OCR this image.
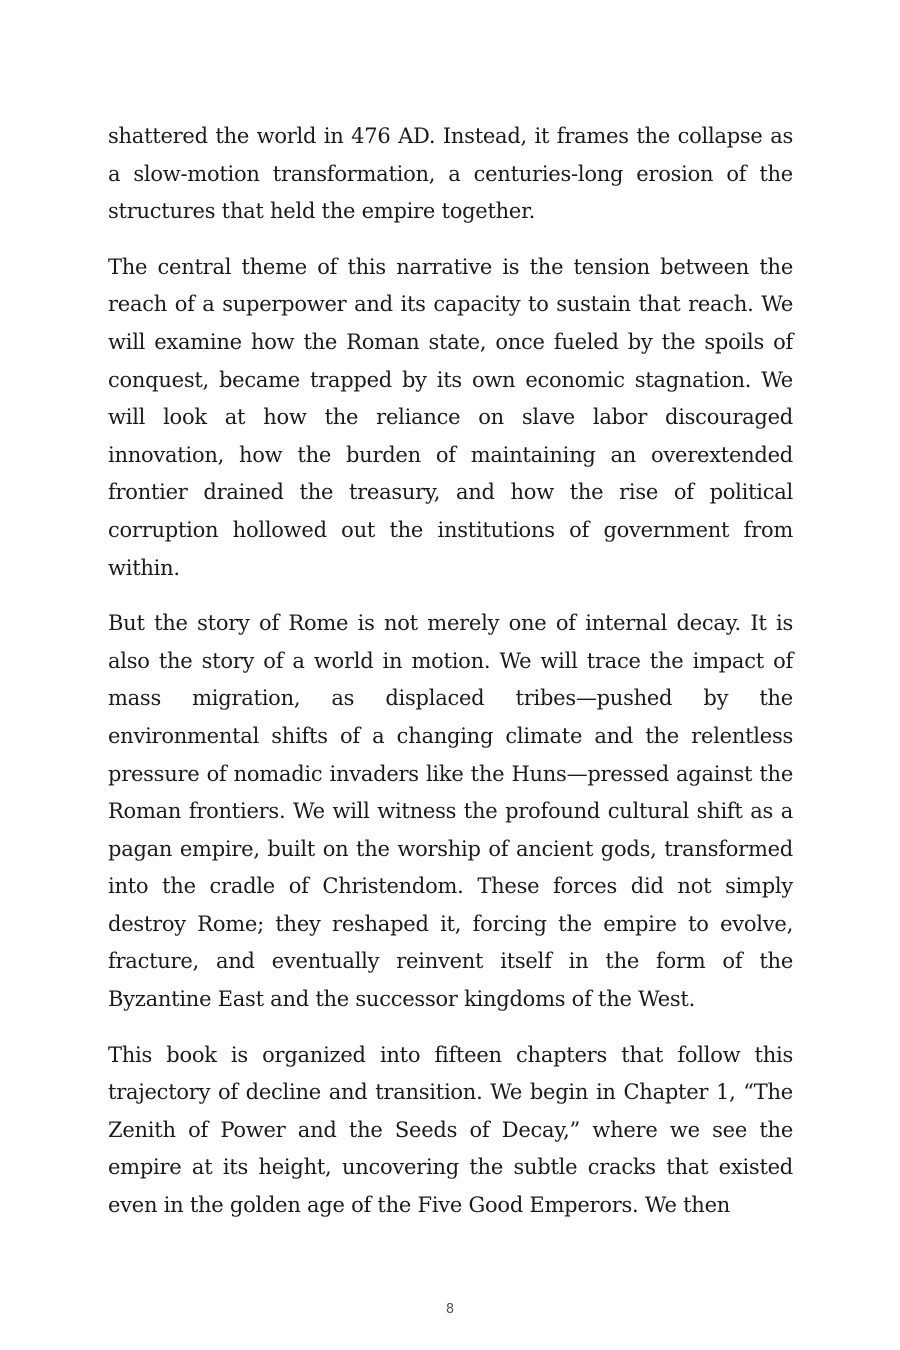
shattered the world in 476 AD. Instead, it frames the collapse as a slow-motion transformation, a centuries-long erosion of the structures that held the empire together.

The central theme of this narrative is the tension between the reach of a superpower and its capacity to sustain that reach. We will examine how the Roman state, once fueled by the spoils of conquest, became trapped by its own economic stagnation. We will look at how the reliance on slave labor discouraged innovation, how the burden of maintaining an overextended frontier drained the treasury, and how the rise of political corruption hollowed out the institutions of government from within.

But the story of Rome is not merely one of internal decay. It is also the story of a world in motion. We will trace the impact of mass migration, as displaced tribes—pushed by the environmental shifts of a changing climate and the relentless pressure of nomadic invaders like the Huns—pressed against the Roman frontiers. We will witness the profound cultural shift as a pagan empire, built on the worship of ancient gods, transformed into the cradle of Christendom. These forces did not simply destroy Rome; they reshaped it, forcing the empire to evolve, fracture, and eventually reinvent itself in the form of the Byzantine East and the successor kingdoms of the West.

This book is organized into fifteen chapters that follow this trajectory of decline and transition. We begin in Chapter 1, “The Zenith of Power and the Seeds of Decay,” where we see the empire at its height, uncovering the subtle cracks that existed even in the golden age of the Five Good Emperors. We then

8
